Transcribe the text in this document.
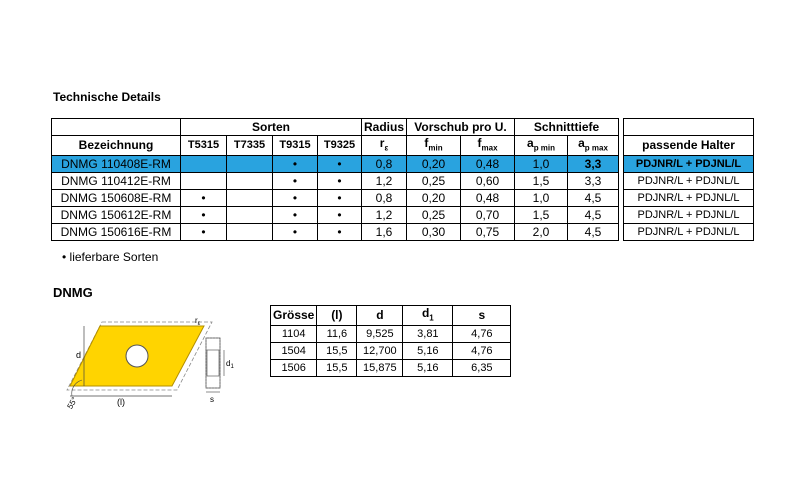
Technische Details
	Sorten				Radius	Vorschub pro U.		Schnitttiefe			
Bezeichnung	T5315	T7335	T9315	T9325	$r_\varepsilon$	$f_{min}$	$f_{max}$	$a_{p min}$	$a_{p max}$		passende Halter
DNMG 110408E-RM			•	•	0,8	0,20	0,48	1,0	3,3		PDJNR/L + PDJNL/L
DNMG 110412E-RM			•	•	1,2	0,25	0,60	1,5	3,3		PDJNR/L + PDJNL/L
DNMG 150608E-RM	•		•	•	0,8	0,20	0,48	1,0	4,5		PDJNR/L + PDJNL/L
DNMG 150612E-RM	•		•	•	1,2	0,25	0,70	1,5	4,5		PDJNR/L + PDJNL/L
DNMG 150616E-RM	•		•	•	1,6	0,30	0,75	2,0	4,5		PDJNR/L + PDJNL/L
• lieferbare Sorten
DNMG
d
(l)
55°
$r_\varepsilon$
$d_1$
s
Grösse	(l)	d	$d_1$	s
1104	11,6	9,525	3,81	4,76
1504	15,5	12,700	5,16	4,76
1506	15,5	15,875	5,16	6,35
